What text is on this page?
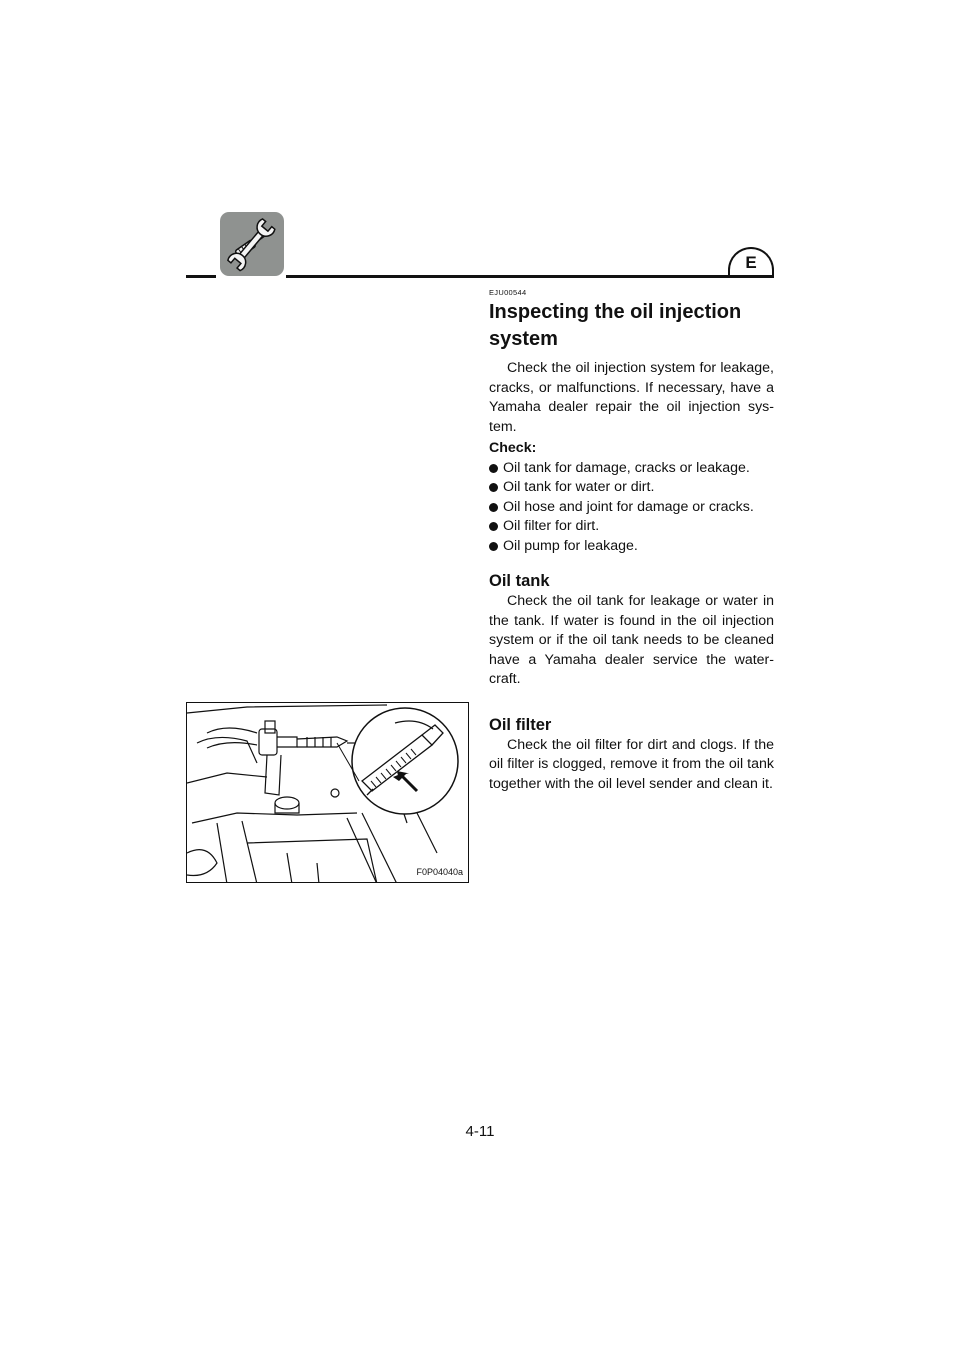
E
EJU00544
Inspecting the oil injection
system

Check the oil injection system for leakage, cracks, or malfunctions. If necessary, have a Yamaha dealer repair the oil injection sys-tem.

Check:
Oil tank for damage, cracks or leakage.
Oil tank for water or dirt.
Oil hose and joint for damage or cracks.
Oil filter for dirt.
Oil pump for leakage.
Oil tank

Check the oil tank for leakage or water in the tank. If water is found in the oil injection system or if the oil tank needs to be cleaned have a Yamaha dealer service the water-craft.

Oil filter

Check the oil filter for dirt and clogs. If the oil filter is clogged, remove it from the oil tank together with the oil level sender and clean it.

F0P04040a
4-11
